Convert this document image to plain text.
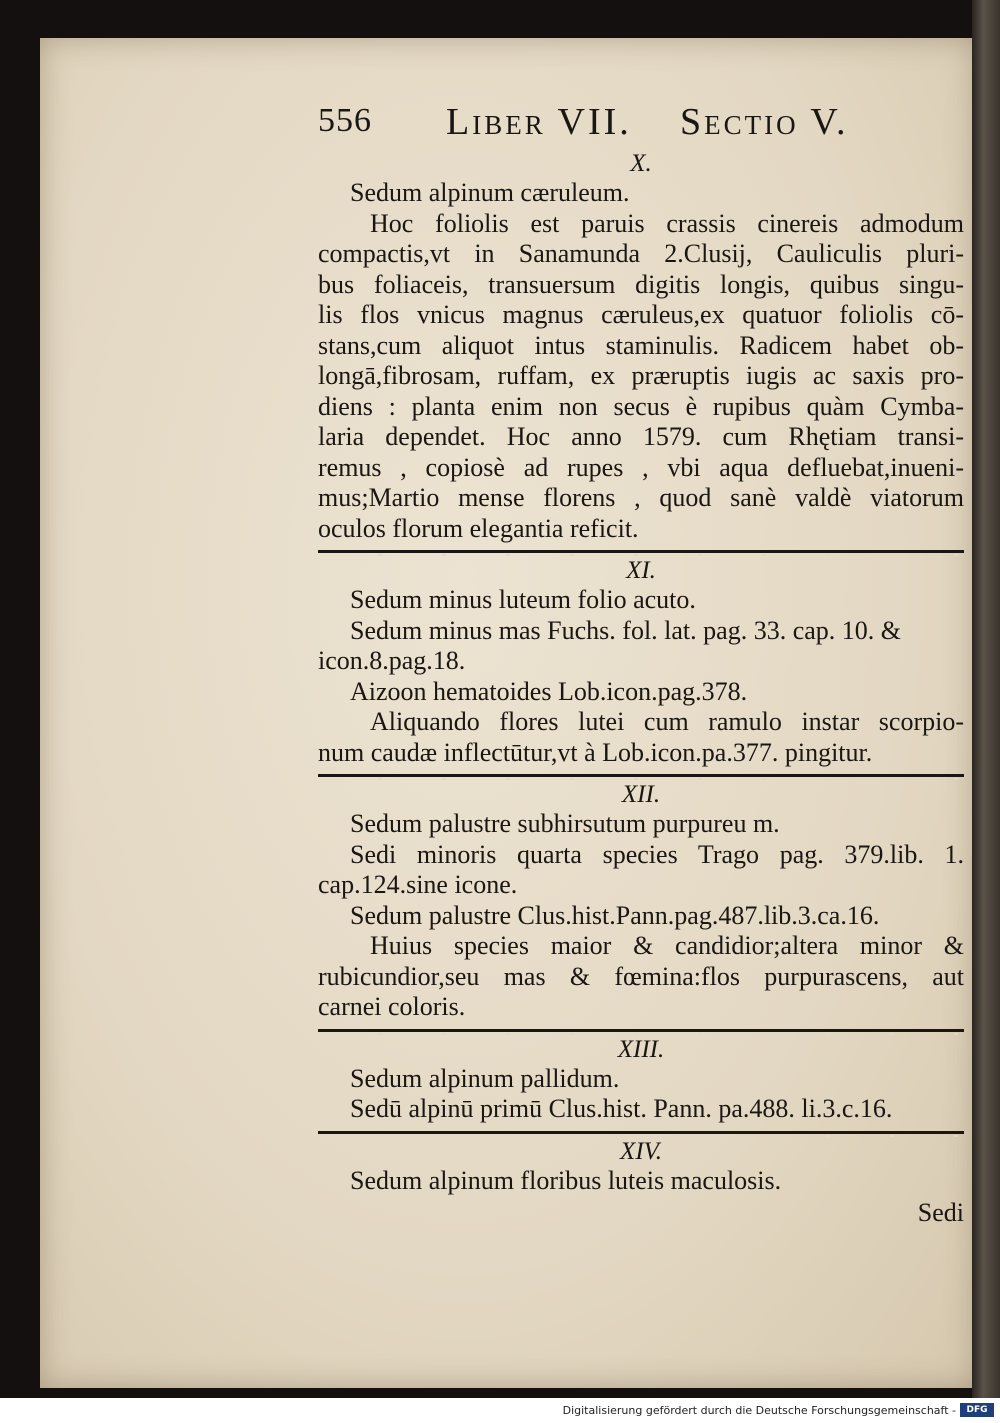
556 Liber VII. Sectio V.

X.

Sedum alpinum cæruleum.

Hoc foliolis est paruis crassis cinereis admodum

compactis,vt in Sanamunda 2.Clusij, Cauliculis pluri-

bus foliaceis, transuersum digitis longis, quibus singu-

lis flos vnicus magnus cæruleus,ex quatuor foliolis cō-

stans,cum aliquot intus staminulis. Radicem habet ob-

longā,fibrosam, ruffam, ex præruptis iugis ac saxis pro-

diens : planta enim non secus è rupibus quàm Cymba-

laria dependet. Hoc anno 1579. cum Rhętiam transi-

remus , copiosè ad rupes , vbi aqua defluebat,inueni-

mus;Martio mense florens , quod sanè valdè viatorum

oculos florum elegantia reficit.

XI.

Sedum minus luteum folio acuto.

Sedum minus mas Fuchs. fol. lat. pag. 33. cap. 10. &

icon.8.pag.18.

Aizoon hematoides Lob.icon.pag.378.

Aliquando flores lutei cum ramulo instar scorpio-

num caudæ inflectūtur,vt à Lob.icon.pa.377. pingitur.

XII.

Sedum palustre subhirsutum purpureu m.

Sedi minoris quarta species Trago pag. 379.lib. 1.

cap.124.sine icone.

Sedum palustre Clus.hist.Pann.pag.487.lib.3.ca.16.

Huius species maior & candidior;altera minor &

rubicundior,seu mas & fœmina:flos purpurascens, aut

carnei coloris.

XIII.

Sedum alpinum pallidum.

Sedū alpinū primū Clus.hist. Pann. pa.488. li.3.c.16.

XIV.

Sedum alpinum floribus luteis maculosis.

Sedi
Digitalisierung gefördert durch die Deutsche Forschungsgemeinschaft -	DFG
